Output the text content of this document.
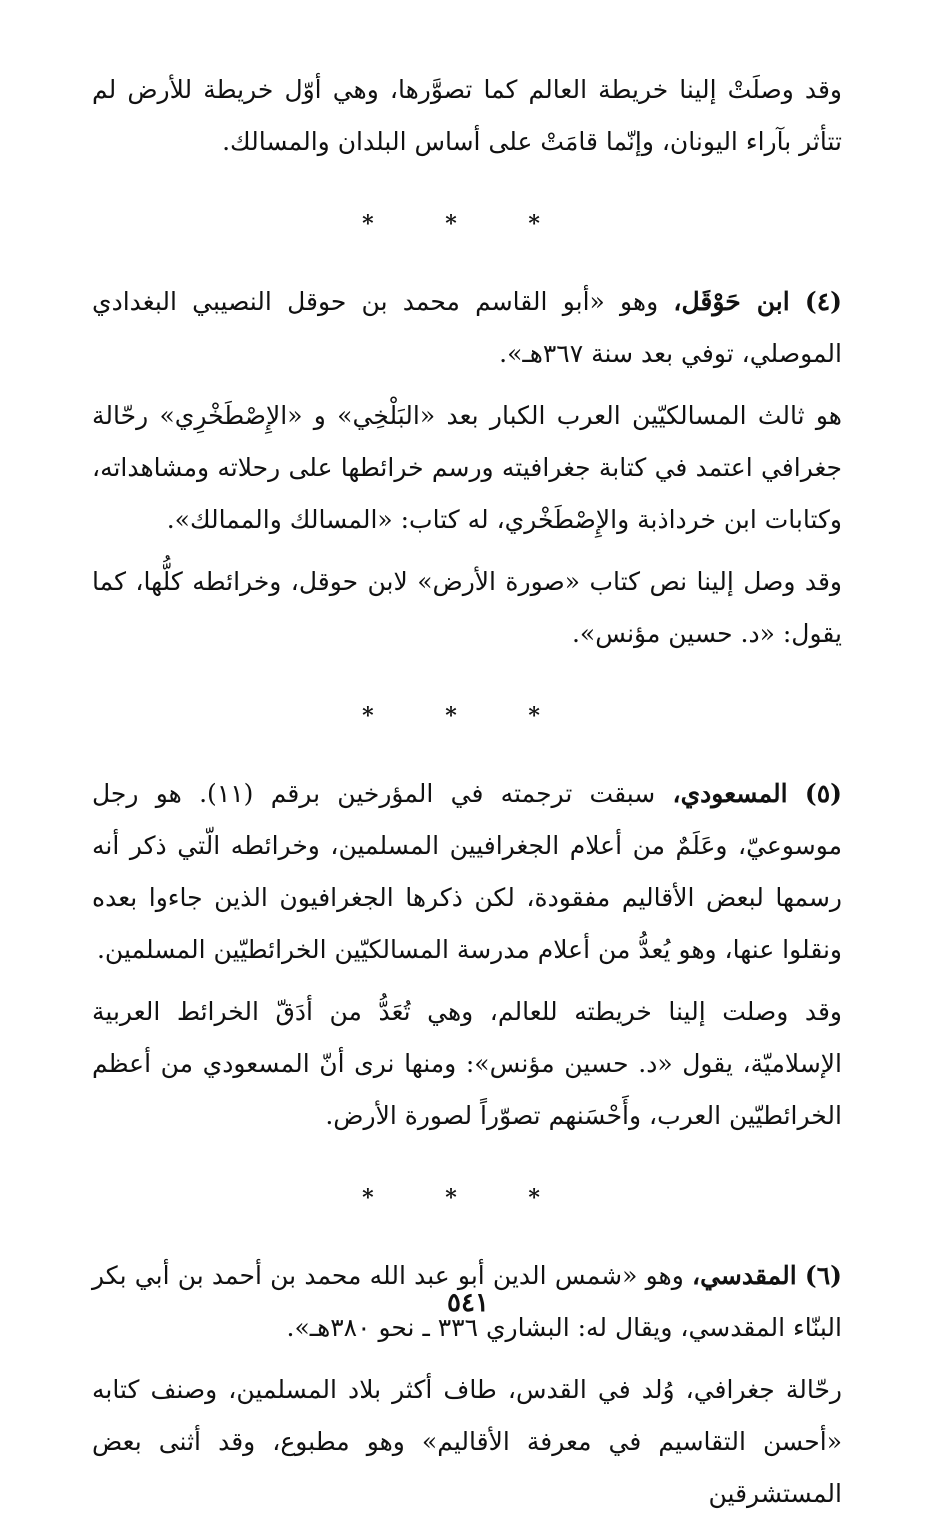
وقد وصلَتْ إلينا خريطة العالم كما تصوَّرها، وهي أوّل خريطة للأرض لم تتأثر بآراء اليونان، وإنّما قامَتْ على أساس البلدان والمسالك.

* * *

(٤) ابن حَوْقَل، وهو «أبو القاسم محمد بن حوقل النصيبي البغدادي الموصلي، توفي بعد سنة ٣٦٧هـ».

هو ثالث المسالكيّين العرب الكبار بعد «البَلْخِي» و «الإِصْطَخْرِي» رحّالة جغرافي اعتمد في كتابة جغرافيته ورسم خرائطها على رحلاته ومشاهداته، وكتابات ابن خرداذبة والإِصْطَخْري، له كتاب: «المسالك والممالك».

وقد وصل إلينا نص كتاب «صورة الأرض» لابن حوقل، وخرائطه كلُّها، كما يقول: «د. حسين مؤنس».

* * *

(٥) المسعودي، سبقت ترجمته في المؤرخين برقم (١١). هو رجل موسوعيّ، وعَلَمٌ من أعلام الجغرافيين المسلمين، وخرائطه الّتي ذكر أنه رسمها لبعض الأقاليم مفقودة، لكن ذكرها الجغرافيون الذين جاءوا بعده ونقلوا عنها، وهو يُعدُّ من أعلام مدرسة المسالكيّين الخرائطيّين المسلمين.

وقد وصلت إلينا خريطته للعالم، وهي تُعَدُّ من أدَقّ الخرائط العربية الإسلاميّة، يقول «د. حسين مؤنس»: ومنها نرى أنّ المسعودي من أعظم الخرائطيّين العرب، وأَحْسَنهم تصوّراً لصورة الأرض.

* * *

(٦) المقدسي، وهو «شمس الدين أبو عبد الله محمد بن أحمد بن أبي بكر البنّاء المقدسي، ويقال له: البشاري ٣٣٦ ـ نحو ٣٨٠هـ».

رحّالة جغرافي، وُلد في القدس، طاف أكثر بلاد المسلمين، وصنف كتابه «أحسن التقاسيم في معرفة الأقاليم» وهو مطبوع، وقد أثنى بعض المستشرقين

٥٤١
